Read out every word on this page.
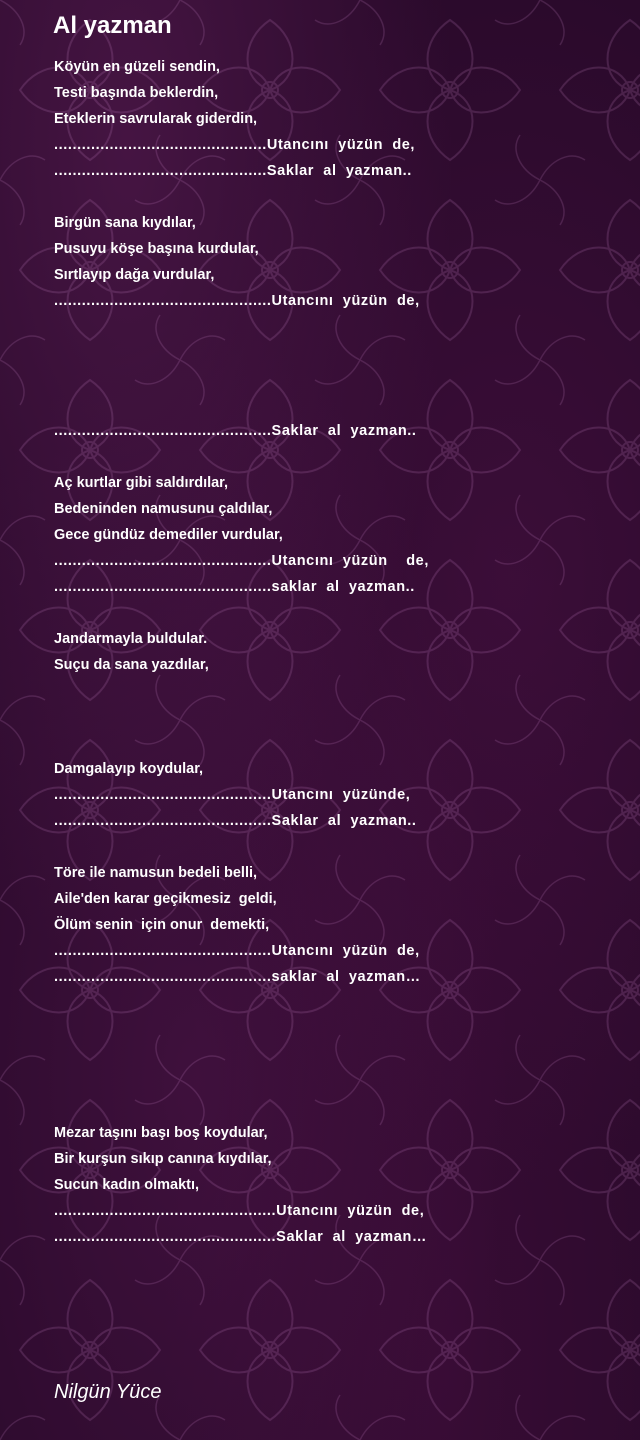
Al yazman
Köyün en güzeli sendin,
Testi başında beklerdin,
Eteklerin savrularak giderdin,
..............................................Utancını  yüzün  de,
..............................................Saklar  al  yazman..
Birgün sana kıydılar,
Pusuyu köşe başına kurdular,
Sırtlayıp dağa vurdular,
...............................................Utancını  yüzün  de,
...............................................Saklar  al  yazman..
Aç kurtlar gibi saldırdılar,
Bedeninden namusunu çaldılar,
Gece gündüz demediler vurdular,
...............................................Utancını  yüzün    de,
...............................................saklar  al  yazman..
Jandarmayla buldular.
Suçu da sana yazdılar,
Damgalayıp koydular,
...............................................Utancını  yüzünde,
...............................................Saklar  al  yazman..
Töre ile namusun bedeli belli,
Aile'den karar geçikmesiz  geldi,
Ölüm senin  için onur  demekti,
...............................................Utancını  yüzün  de,
...............................................saklar  al  yazman…
Mezar taşını başı boş koydular,
Bir kurşun sıkıp canına kıydılar,
Sucun kadın olmaktı,
................................................Utancını  yüzün  de,
................................................Saklar  al  yazman…
Nilgün Yüce
